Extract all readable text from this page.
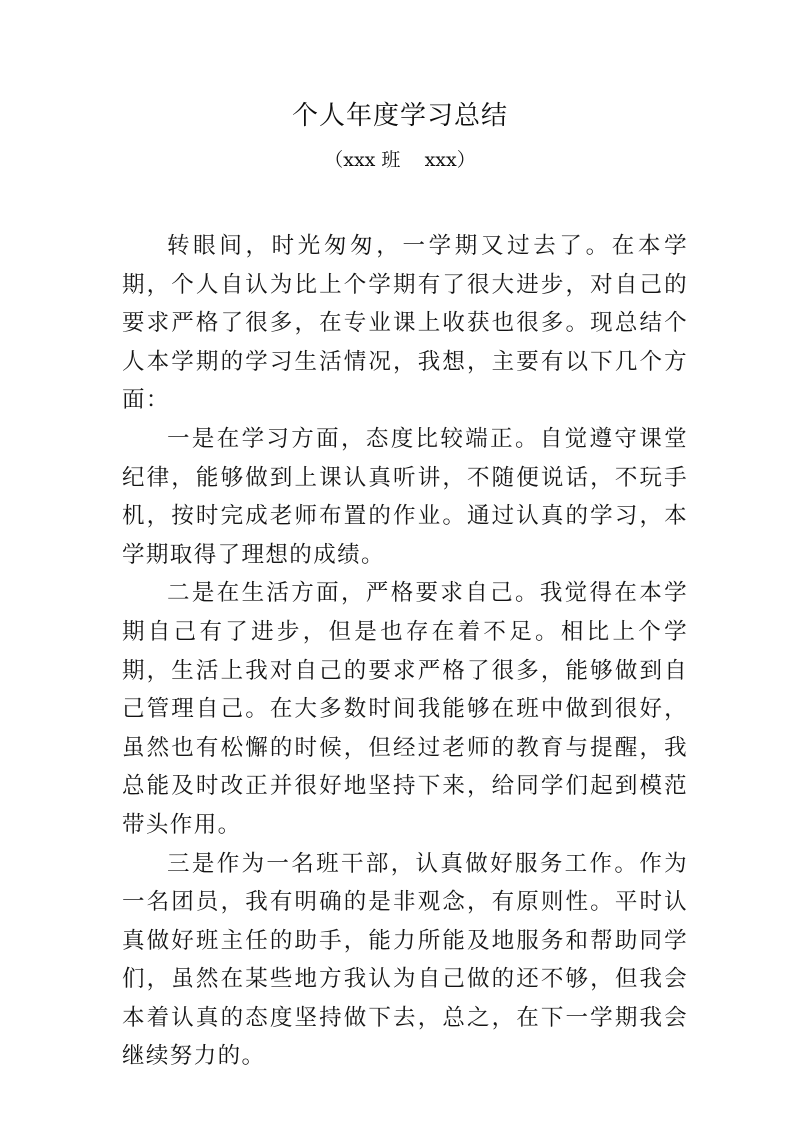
个人年度学习总结
（xxx 班    xxx）

转眼间，时光匆匆，一学期又过去了。在本学期，个人自认为比上个学期有了很大进步，对自己的要求严格了很多，在专业课上收获也很多。现总结个人本学期的学习生活情况，我想，主要有以下几个方面：

一是在学习方面，态度比较端正。自觉遵守课堂纪律，能够做到上课认真听讲，不随便说话，不玩手机，按时完成老师布置的作业。通过认真的学习，本学期取得了理想的成绩。

二是在生活方面，严格要求自己。我觉得在本学期自己有了进步，但是也存在着不足。相比上个学期，生活上我对自己的要求严格了很多，能够做到自己管理自己。在大多数时间我能够在班中做到很好，虽然也有松懈的时候，但经过老师的教育与提醒，我总能及时改正并很好地坚持下来，给同学们起到模范带头作用。

三是作为一名班干部，认真做好服务工作。作为一名团员，我有明确的是非观念，有原则性。平时认真做好班主任的助手，能力所能及地服务和帮助同学们，虽然在某些地方我认为自己做的还不够，但我会本着认真的态度坚持做下去，总之，在下一学期我会继续努力的。
